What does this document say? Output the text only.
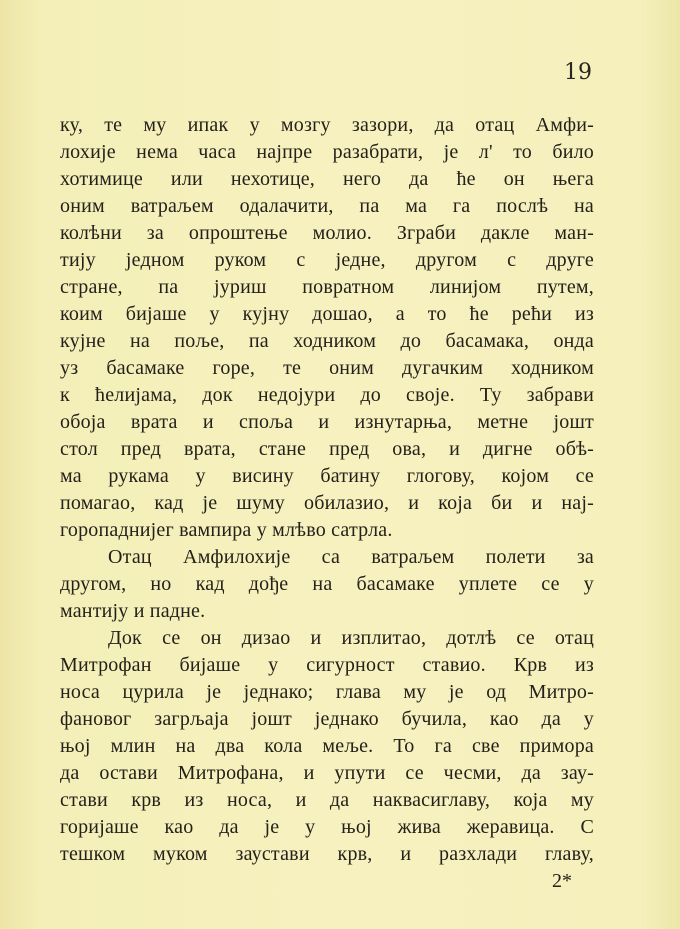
19
ку, те му ипак у мозгу зазори, да отац Амфи-
лохије нема часа најпре разабрати, је л' то било
хотимице или нехотице, него да ће он њега
оним ватраљем одалачити, па ма га послѣ на
колѣни за опроштење молио. Зграби дакле ман-
тију једном руком с једне, другом с друге
стране, па јуриш повратном линијом путем,
коим бијаше у кујну дошао, а то ће рећи из
кујне на поље, па ходником до басамака, онда
уз басамаке горе, те оним дугачким ходником
к ћелијама, док недојури до своје. Ту забрави
обоја врата и споља и изнутарња, метне јошт
стол пред врата, стане пред ова, и дигне обѣ-
ма рукама у висину батину глогову, којом се
помагао, кад је шуму обилазио, и која би и нај-
горопаднијег вампира у млѣво сатрла.
Отац Амфилохије са ватраљем полети за
другом, но кад дође на басамаке уплете се у
мантију и падне.
Док се он дизао и изплитао, дотлѣ се отац
Митрофан бијаше у сигурност ставио. Крв из
носа цурила је једнако; глава му је од Митро-
фановог загрљаја јошт једнако бучила, као да у
њој млин на два кола меље. То га све примора
да остави Митрофана, и упути се чесми, да зау-
стави крв из носа, и да наквасиглаву, која му
горијаше као да је у њој жива жеравица. С
тешком муком заустави крв, и разхлади главу,
2*
